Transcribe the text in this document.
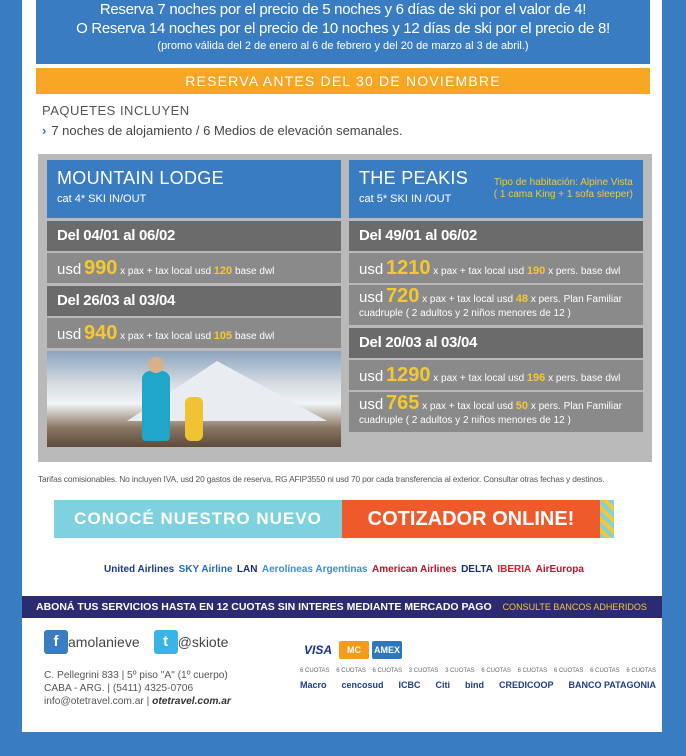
Reserva 7 noches por el precio de 5 noches y 6 días de ski por el valor de 4!
O Reserva 14 noches por el precio de 10 noches y 12 días de ski por el precio de 8!
(promo válida del 2 de enero al 6 de febrero y del 20 de marzo al 3 de abril.)
RESERVA ANTES DEL 30 DE NOVIEMBRE
PAQUETES INCLUYEN
› 7 noches de alojamiento / 6 Medios de elevación semanales.
MOUNTAIN LODGE
cat 4* SKI IN/OUT
Del 04/01 al 06/02
usd 990 x pax + tax local usd 120 base dwl
Del 26/03 al 03/04
usd 940 x pax + tax local usd 105 base dwl
THE PEAKIS
cat 5* SKI IN /OUT
Tipo de habitación: Alpine Vista
( 1 cama King + 1 sofa sleeper)
Del 49/01 al 06/02
usd 1210 x pax + tax local usd 190 x pers. base dwl
usd 720 x pax + tax local usd 48 x pers. Plan Familiar
cuadruple ( 2 adultos y 2 niños menores de 12 )
Del 20/03 al 03/04
usd 1290 x pax + tax local usd 196 x pers. base dwl
usd 765 x pax + tax local usd 50 x pers. Plan Familiar
cuadruple ( 2 adultos y 2 niños menores de 12 )
Tarifas comisionables. No incluyen IVA, usd 20 gastos de reserva, RG AFIP3550 ni usd 70 por cada transferencia al exterior. Consultar otras fechas y destinos.
CONOCÉ NUESTRO NUEVO	COTIZADOR ONLINE!
United Airlines SKY Airline LAN Aerolíneas Argentinas American Airlines DELTA IBERIA AirEuropa
ABONÁ TUS SERVICIOS HASTA EN 12 CUOTAS SIN INTERES MEDIANTE MERCADO PAGO CONSULTE BANCOS ADHERIDOS
f amolanieve	t @skiote
C. Pellegrini 833 | 5º piso "A" (1º cuerpo)
CABA - ARG. | (5411) 4325-0706
info@otetravel.com.ar | otetravel.com.ar
VISA	MC	AMEX
6 CUOTAS 6 CUOTAS 6 CUOTAS 3 CUOTAS 3 CUOTAS 6 CUOTAS 6 CUOTAS 6 CUOTAS 6 CUOTAS 6 CUOTAS
Macro cencosud ICBC Citi bind CREDICOOP BANCO PATAGONIA
